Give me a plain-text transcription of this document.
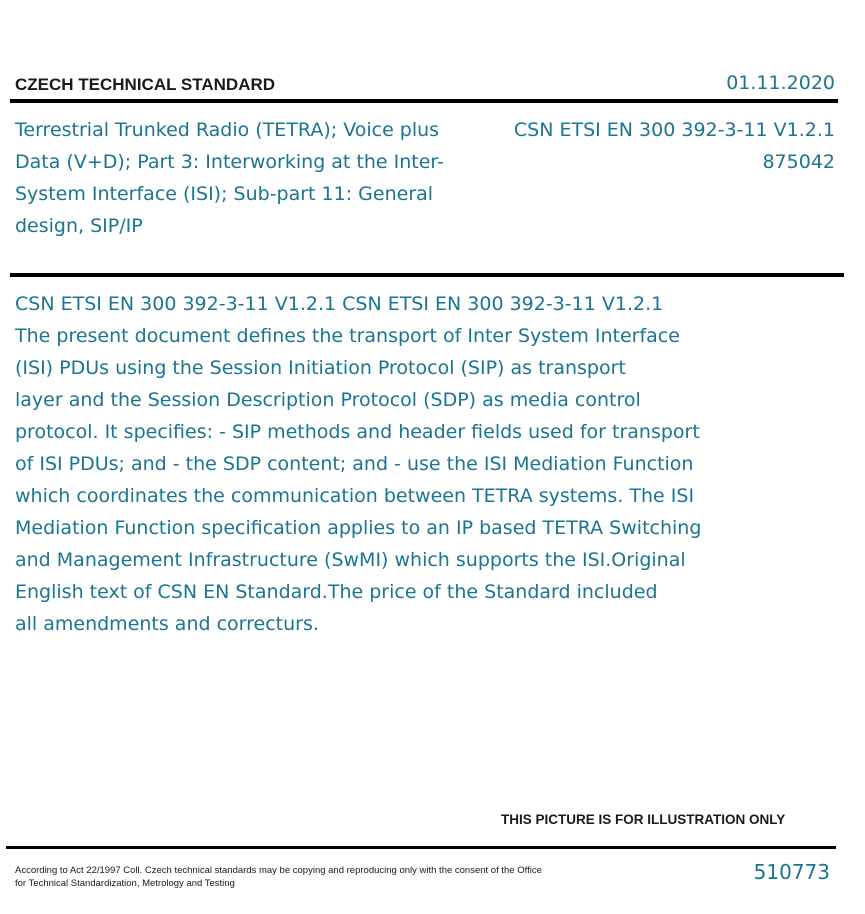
CZECH TECHNICAL STANDARD	01.11.2020
Terrestrial Trunked Radio (TETRA); Voice plus Data (V+D); Part 3: Interworking at the Inter-System Interface (ISI); Sub-part 11: General design, SIP/IP
CSN ETSI EN 300 392-3-11 V1.2.1
875042
CSN ETSI EN 300 392-3-11 V1.2.1 CSN ETSI EN 300 392-3-11 V1.2.1
The present document defines the transport of Inter System Interface
(ISI) PDUs using the Session Initiation Protocol (SIP) as transport
layer and the Session Description Protocol (SDP) as media control
protocol. It specifies: - SIP methods and header fields used for transport
of ISI PDUs; and - the SDP content; and - use the ISI Mediation Function
which coordinates the communication between TETRA systems. The ISI
Mediation Function specification applies to an IP based TETRA Switching
and Management Infrastructure (SwMI) which supports the ISI.Original
English text of CSN EN Standard.The price of the Standard included
all amendments and correcturs.
THIS PICTURE IS FOR ILLUSTRATION ONLY
According to Act 22/1997 Coll. Czech technical standards may be copying and reproducing only with the consent of the Office
for Technical Standardization, Metrology and Testing	510773
